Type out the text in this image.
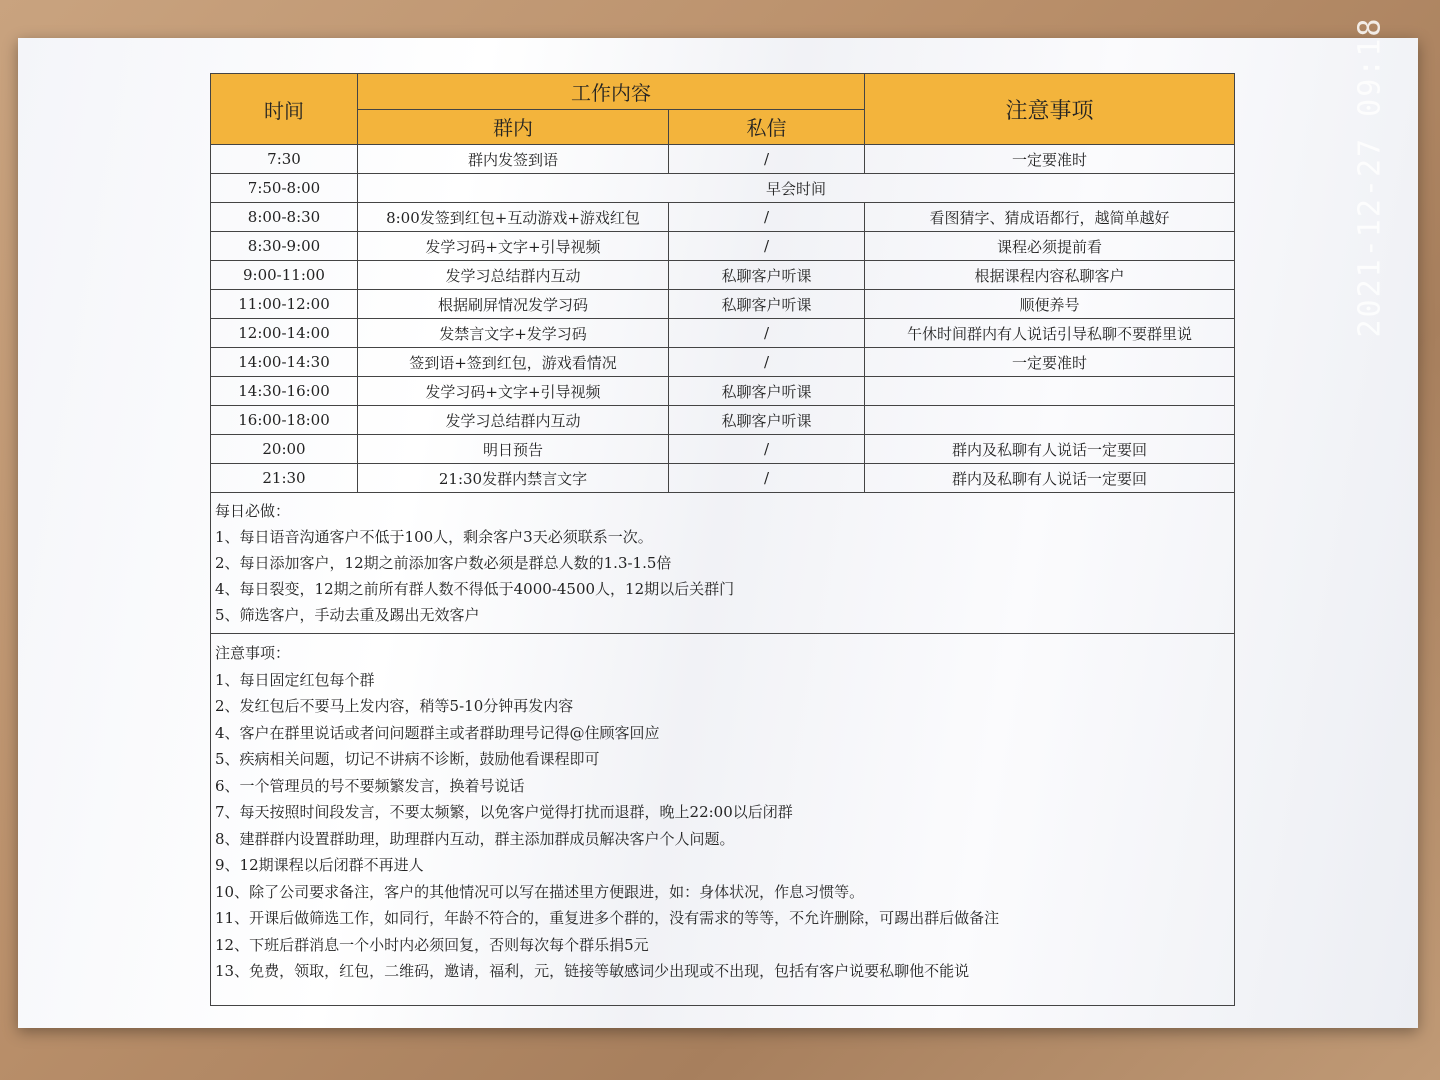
2021-12-27 09:18
时间	工作内容		注意事项
	群内	私信	
7:30	群内发签到语	/	一定要准时
7:50-8:00	早会时间		
8:00-8:30	8:00发签到红包+互动游戏+游戏红包	/	看图猜字、猜成语都行，越简单越好
8:30-9:00	发学习码+文字+引导视频	/	课程必须提前看
9:00-11:00	发学习总结群内互动	私聊客户听课	根据课程内容私聊客户
11:00-12:00	根据刷屏情况发学习码	私聊客户听课	顺便养号
12:00-14:00	发禁言文字+发学习码	/	午休时间群内有人说话引导私聊不要群里说
14:00-14:30	签到语+签到红包，游戏看情况	/	一定要准时
14:30-16:00	发学习码+文字+引导视频	私聊客户听课	
16:00-18:00	发学习总结群内互动	私聊客户听课	
20:00	明日预告	/	群内及私聊有人说话一定要回
21:30	21:30发群内禁言文字	/	群内及私聊有人说话一定要回
每日必做：
1、每日语音沟通客户不低于100人，剩余客户3天必须联系一次。
2、每日添加客户，12期之前添加客户数必须是群总人数的1.3-1.5倍
4、每日裂变，12期之前所有群人数不得低于4000-4500人，12期以后关群门
5、筛选客户，手动去重及踢出无效客户
注意事项：
1、每日固定红包每个群
2、发红包后不要马上发内容，稍等5-10分钟再发内容
4、客户在群里说话或者问问题群主或者群助理号记得@住顾客回应
5、疾病相关问题，切记不讲病不诊断，鼓励他看课程即可
6、一个管理员的号不要频繁发言，换着号说话
7、每天按照时间段发言，不要太频繁，以免客户觉得打扰而退群，晚上22:00以后闭群
8、建群群内设置群助理，助理群内互动，群主添加群成员解决客户个人问题。
9、12期课程以后闭群不再进人
10、除了公司要求备注，客户的其他情况可以写在描述里方便跟进，如：身体状况，作息习惯等。
11、开课后做筛选工作，如同行，年龄不符合的，重复进多个群的，没有需求的等等，不允许删除，可踢出群后做备注
12、下班后群消息一个小时内必须回复，否则每次每个群乐捐5元
13、免费，领取，红包，二维码，邀请，福利，元，链接等敏感词少出现或不出现，包括有客户说要私聊他不能说
